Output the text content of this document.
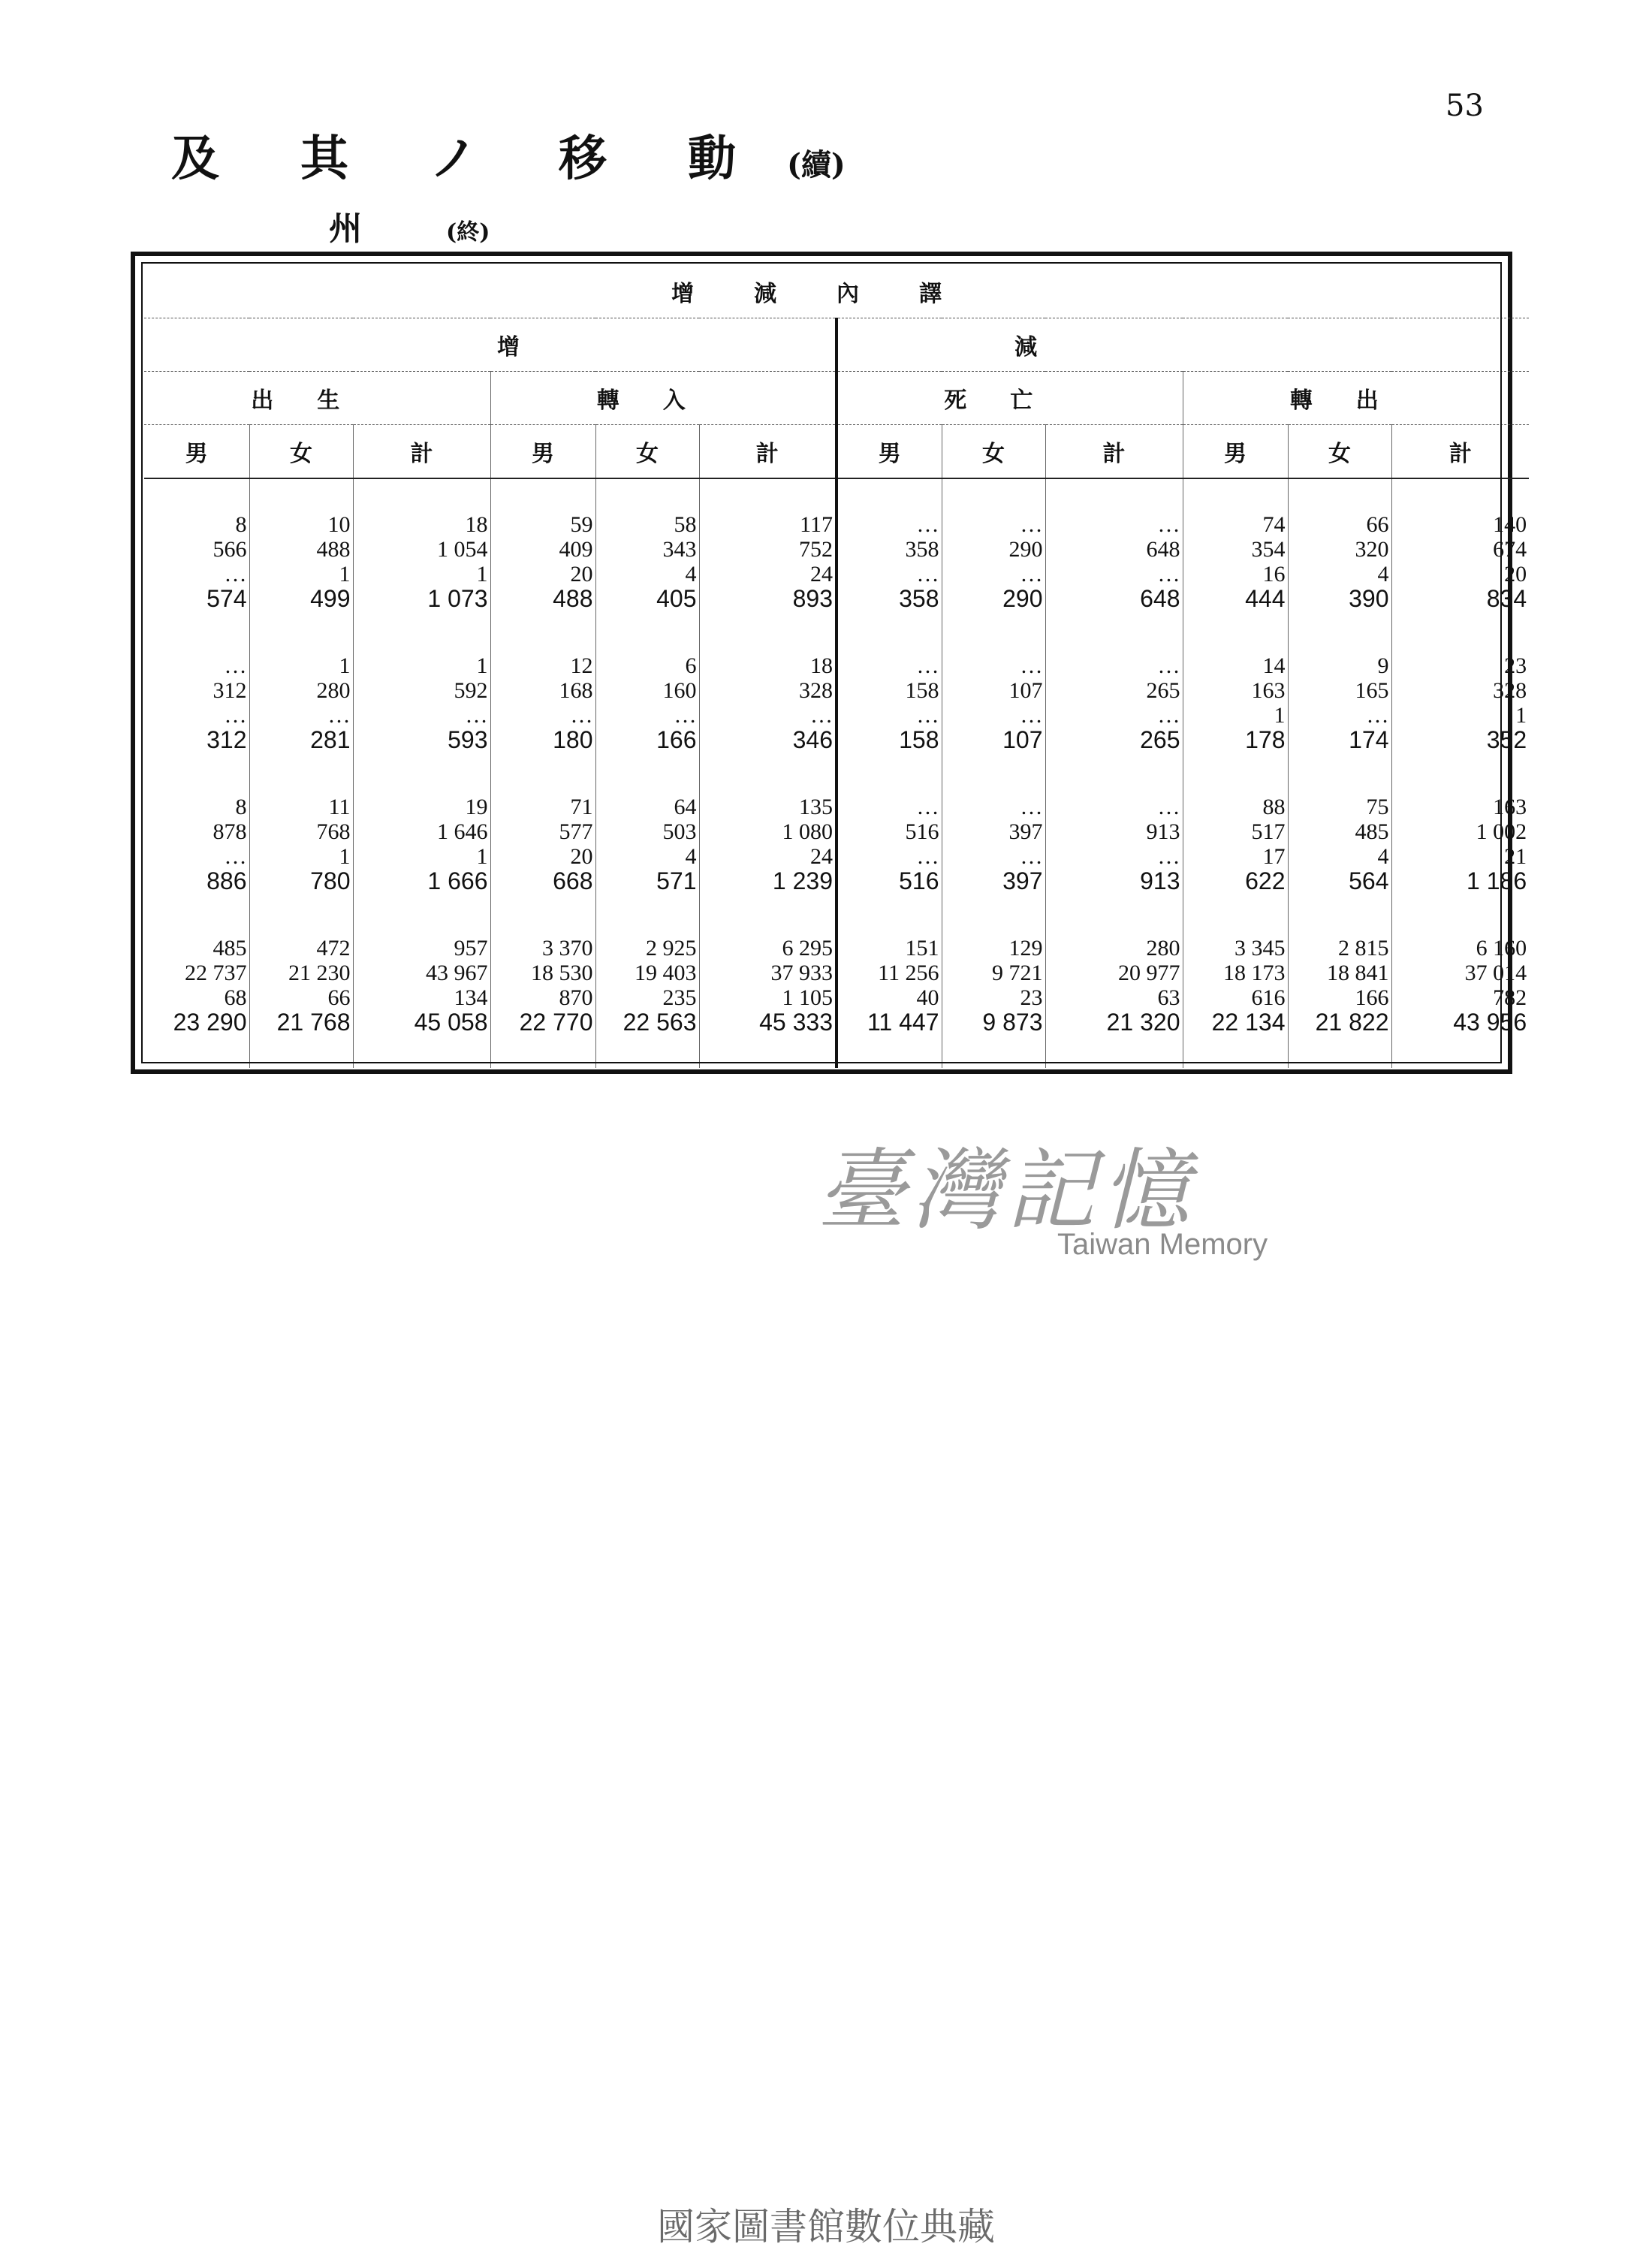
53
及	其	ノ	移	動	(續)
州	(終)
增減內譯											
增						減					
出生			轉入			死亡			轉出		
男	女	計	男	女	計	男	女	計	男	女	計

8	10	18	59	58	117	…	…	…	74	66	140
566	488	1 054	409	343	752	358	290	648	354	320	674
…	1	1	20	4	24	…	…	…	16	4	20
574	499	1 073	488	405	893	358	290	648	444	390	834

…	1	1	12	6	18	…	…	…	14	9	23
312	280	592	168	160	328	158	107	265	163	165	328
…	…	…	…	…	…	…	…	…	1	…	1
312	281	593	180	166	346	158	107	265	178	174	352

8	11	19	71	64	135	…	…	…	88	75	163
878	768	1 646	577	503	1 080	516	397	913	517	485	1 002
…	1	1	20	4	24	…	…	…	17	4	21
886	780	1 666	668	571	1 239	516	397	913	622	564	1 186

485	472	957	3 370	2 925	6 295	151	129	280	3 345	2 815	6 160
22 737	21 230	43 967	18 530	19 403	37 933	11 256	9 721	20 977	18 173	18 841	37 014
68	66	134	870	235	1 105	40	23	63	616	166	782
23 290	21 768	45 058	22 770	22 563	45 333	11 447	9 873	21 320	22 134	21 822	43 956

臺灣記憶
Taiwan Memory
國家圖書館數位典藏
